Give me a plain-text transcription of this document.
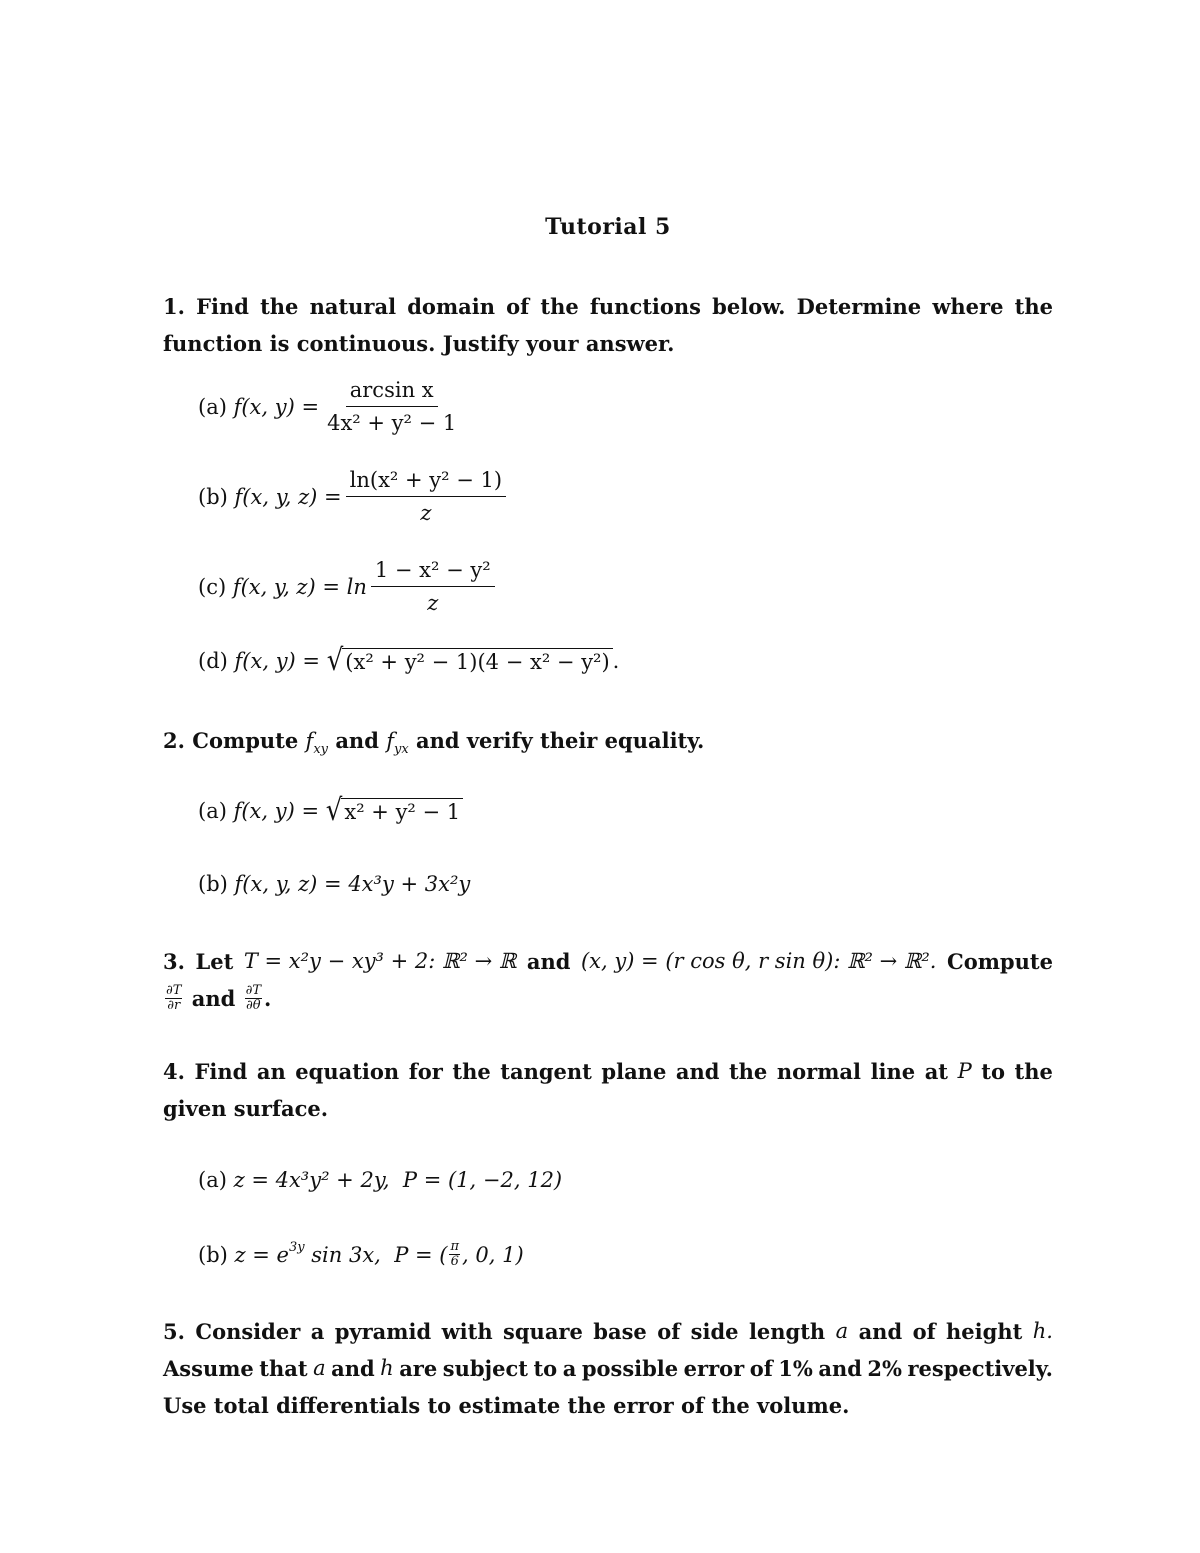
Tutorial 5
1. Find the natural domain of the functions below. Determine where the
function is continuous. Justify your answer.
(a)
f(x, $y) = \frac{\text{arcsin x}}{\text{4x² + y² − 1}}$
(b)
f(x, y, $z) = \frac{\text{ln(x² + y² − 1)}}{z}$
(c)
f(x, y, $z) = \ln \frac{\text{1 − x² − y²}}{z}$
(d)
f(x, y) =
√ (x² + y² − 1)(4 − x² − y²) .
2. Compute $f_{xy}$ and $f_{yx}$ and verify their equality.
(a)
f(x, y) =
√ x² + y² − 1
(b)
f(x, y, z) = 4x³y + 3x²y
3. Let T = x²y − xy³ + 2: ℝ² → ℝ and (x, y) = (r cos θ, r sin θ): ℝ² → ℝ². Compute
$\frac{\partial T}{\partial r}$
and
$\frac{\partial T}{\partial\theta}$ .
4. Find an equation for the tangent plane and the normal line at P to the
given surface.
(a)
z = 4x³y² + 2y,  P = (1, −2, 12)
(b)
$z = e^{3y}$ sin 3x,  P = ( $\frac{\pi}{6}$ , 0, 1)
5. Consider a pyramid with square base of side length a and of height h.
Assume that a and h are subject to a possible error of 1% and 2% respectively.
Use total differentials to estimate the error of the volume.
